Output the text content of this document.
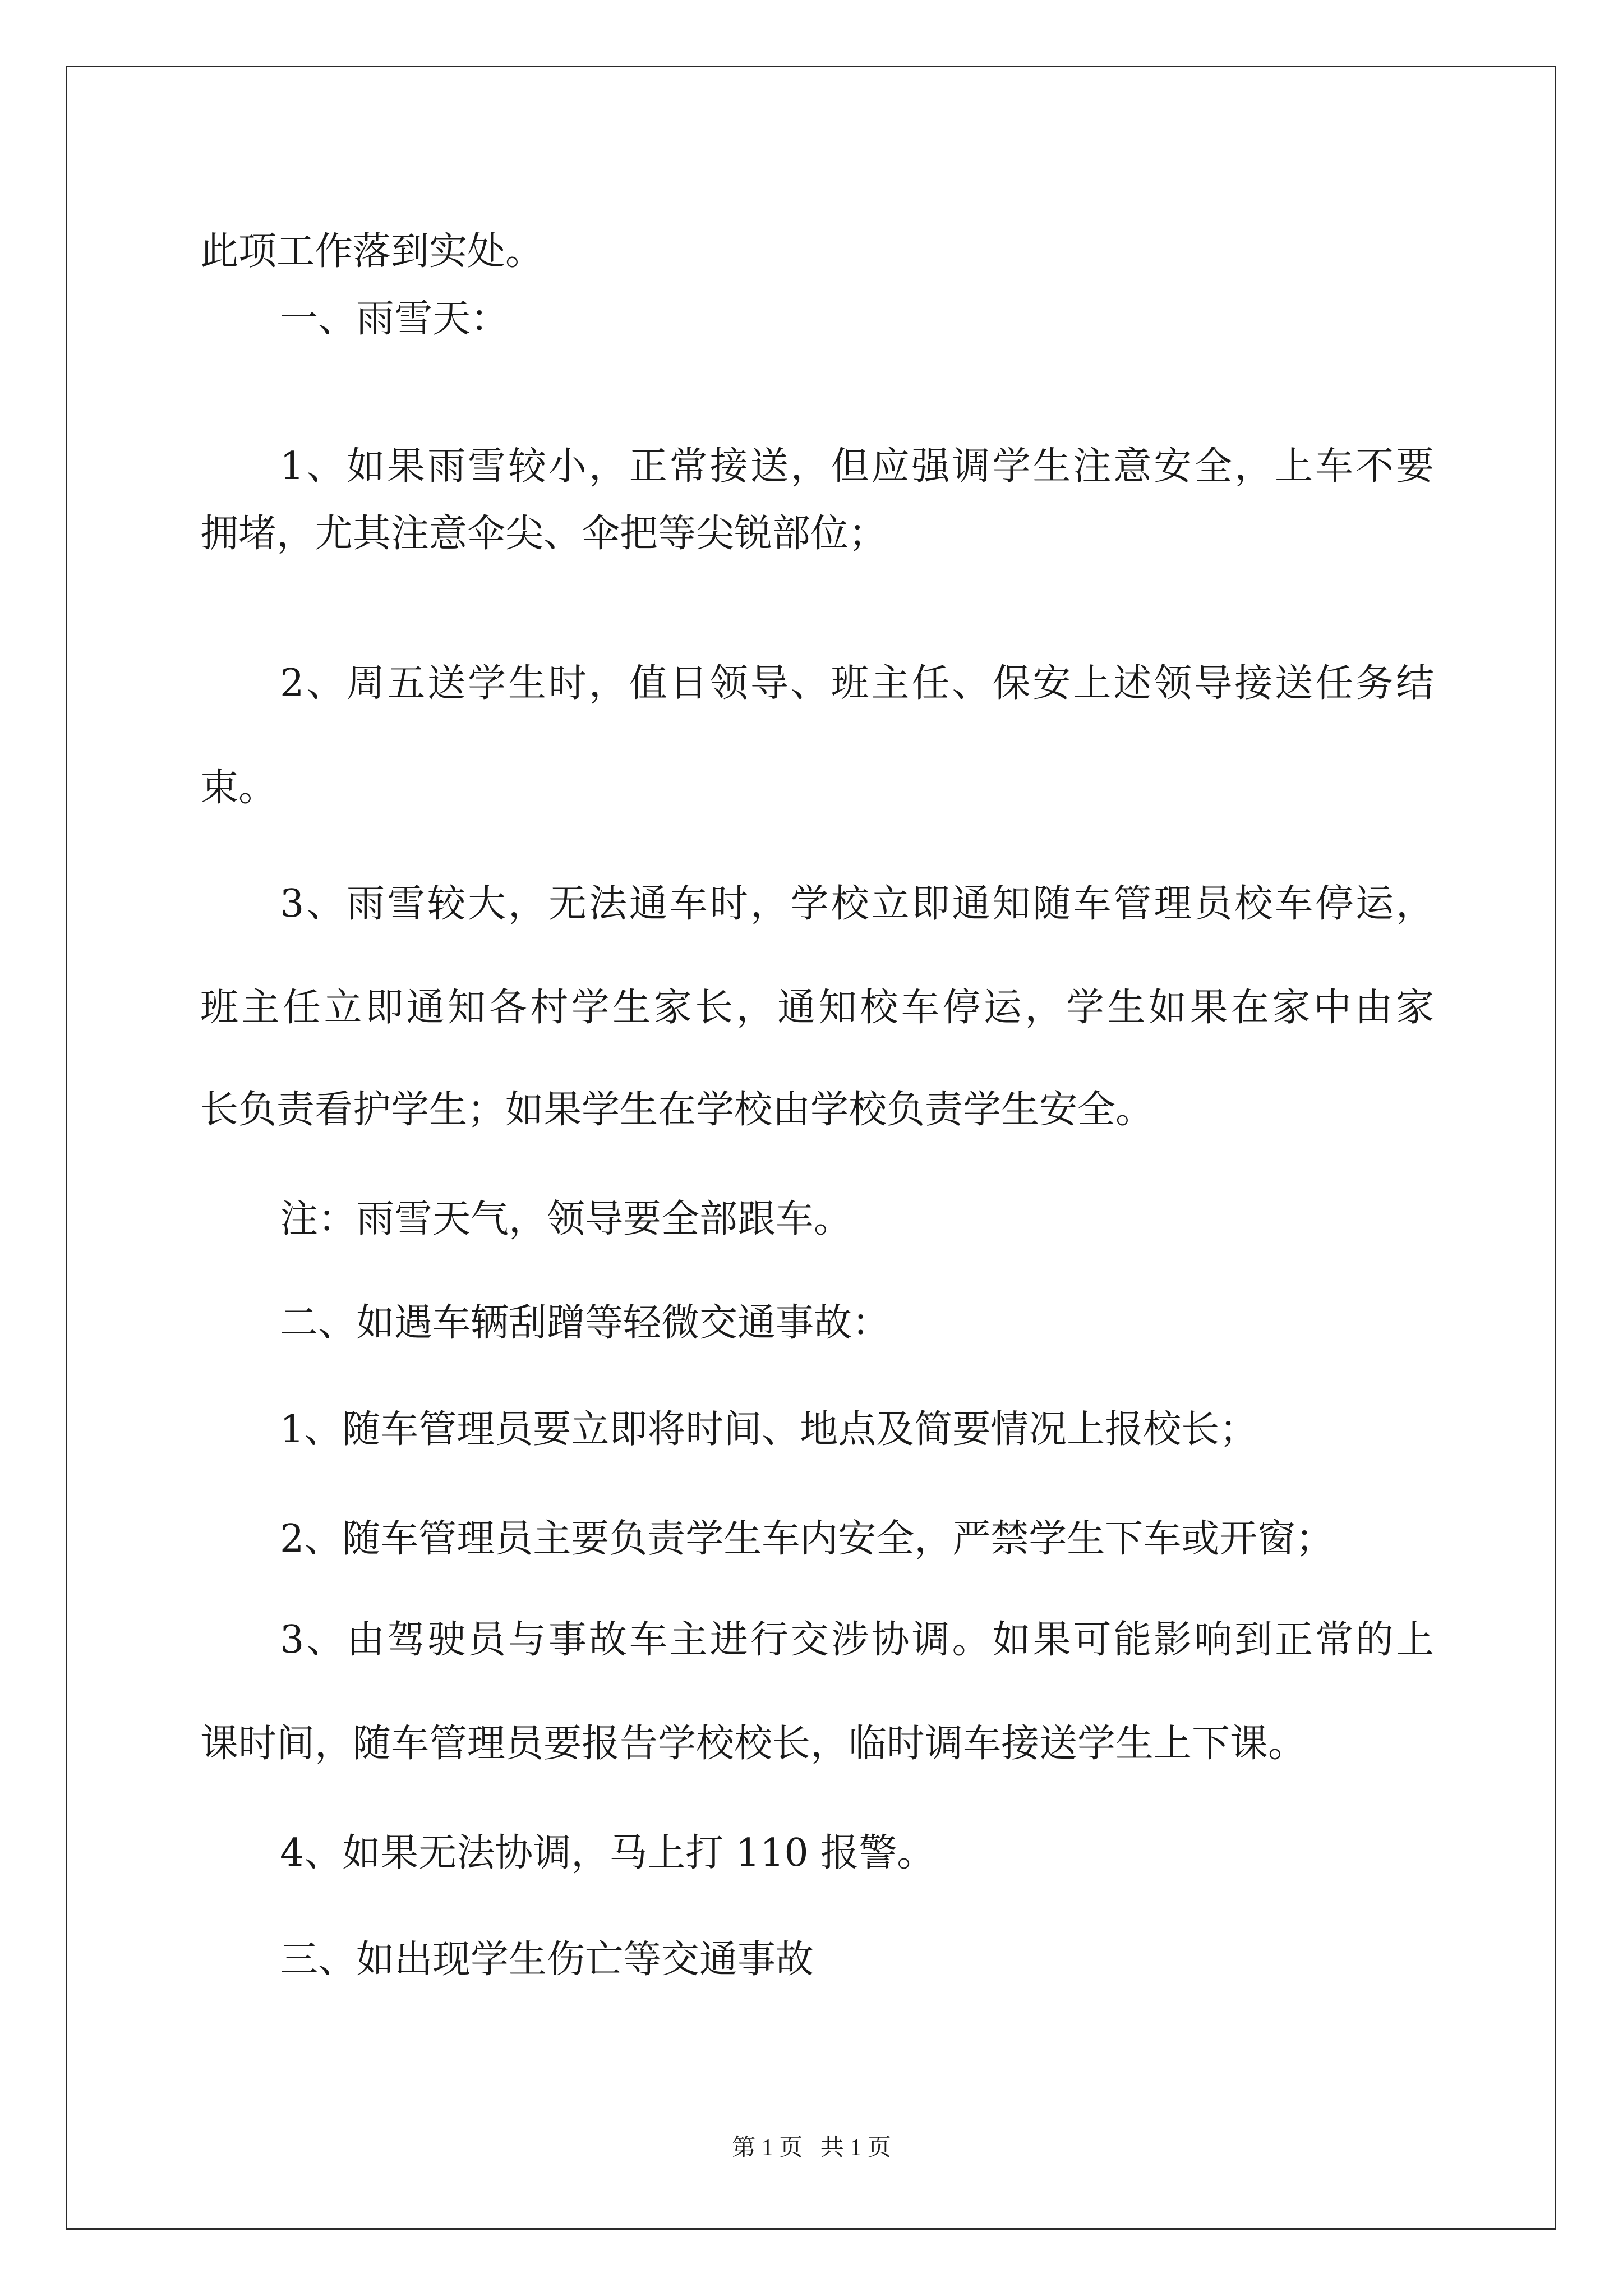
此项工作落到实处。
一、雨雪天：
1、如果雨雪较小，正常接送，但应强调学生注意安全，上车不要
拥堵，尤其注意伞尖、伞把等尖锐部位；
2、周五送学生时，值日领导、班主任、保安上述领导接送任务结
束。
3、雨雪较大，无法通车时，学校立即通知随车管理员校车停运，
班主任立即通知各村学生家长，通知校车停运，学生如果在家中由家
长负责看护学生；如果学生在学校由学校负责学生安全。
注：雨雪天气，领导要全部跟车。
二、如遇车辆刮蹭等轻微交通事故：
1、随车管理员要立即将时间、地点及简要情况上报校长；
2、随车管理员主要负责学生车内安全，严禁学生下车或开窗；
3、由驾驶员与事故车主进行交涉协调。如果可能影响到正常的上
课时间，随车管理员要报告学校校长，临时调车接送学生上下课。
4、如果无法协调，马上打 110 报警。
三、如出现学生伤亡等交通事故
第 1 页   共 1 页
